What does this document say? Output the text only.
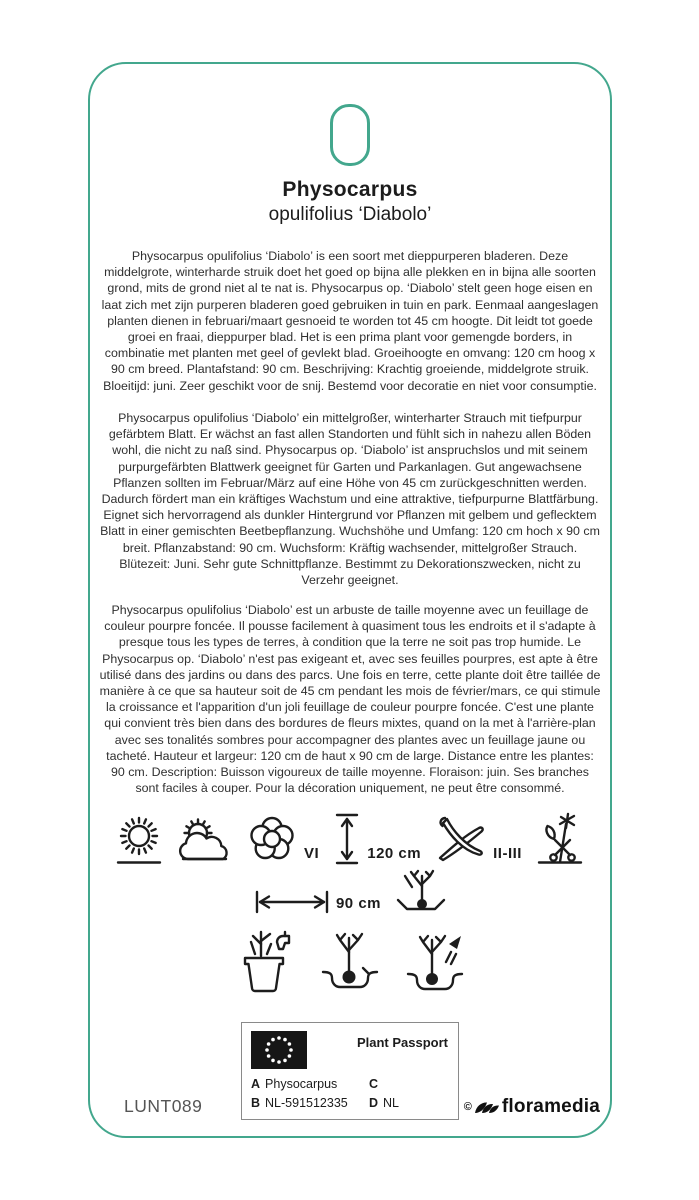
Physocarpus
opulifolius ‘Diabolo’
Physocarpus opulifolius ‘Diabolo’ is een soort met dieppurperen bladeren. Deze middelgrote, winterharde struik doet het goed op bijna alle plekken en in bijna alle soorten grond, mits de grond niet al te nat is. Physocarpus op. ‘Diabolo’ stelt geen hoge eisen en laat zich met zijn purperen bladeren goed gebruiken in tuin en park. Eenmaal aangeslagen planten dienen in februari/maart gesnoeid te worden tot 45 cm hoogte. Dit leidt tot goede groei en fraai, dieppurper blad. Het is een prima plant voor gemengde borders, in combinatie met planten met geel of gevlekt blad. Groeihoogte en omvang: 120 cm hoog x 90 cm breed. Plantafstand: 90 cm. Beschrijving: Krachtig groeiende, middelgrote struik. Bloeitijd: juni. Zeer geschikt voor de snij. Bestemd voor decoratie en niet voor consumptie.
Physocarpus opulifolius ‘Diabolo’ ein mittelgroßer, winterharter Strauch mit tiefpurpur gefärbtem Blatt. Er wächst an fast allen Standorten und fühlt sich in nahezu allen Böden wohl, die nicht zu naß sind. Physocarpus op. ‘Diabolo’ ist anspruchslos und mit seinem purpurgefärbten Blattwerk geeignet für Garten und Parkanlagen. Gut angewachsene Pflanzen sollten im Februar/März auf eine Höhe von 45 cm zurückgeschnitten werden. Dadurch fördert man ein kräftiges Wachstum und eine attraktive, tiefpurpurne Blattfärbung. Eignet sich hervorragend als dunkler Hintergrund vor Pflanzen mit gelbem und geflecktem Blatt in einer gemischten Beetbepflanzung. Wuchshöhe und Umfang: 120 cm hoch x 90 cm breit. Pflanzabstand: 90 cm. Wuchsform: Kräftig wachsender, mittelgroßer Strauch. Blütezeit: Juni. Sehr gute Schnittpflanze. Bestimmt zu Dekorationszwecken, nicht zu Verzehr geeignet.
Physocarpus opulifolius ‘Diabolo’ est un arbuste de taille moyenne avec un feuillage de couleur pourpre foncée. Il pousse facilement à quasiment tous les endroits et il s'adapte à presque tous les types de terres, à condition que la terre ne soit pas trop humide. Le Physocarpus op. ‘Diabolo’ n'est pas exigeant et, avec ses feuilles pourpres, est apte à être utilisé dans des jardins ou dans des parcs. Une fois en terre, cette plante doit être taillée de manière à ce que sa hauteur soit de 45 cm pendant les mois de février/mars, ce qui stimule la croissance et l'apparition d'un joli feuillage de couleur pourpre foncée. C'est une plante qui convient très bien dans des bordures de fleurs mixtes, quand on la met à l'arrière-plan avec ses tonalités sombres pour accompagner des plantes avec un feuillage jaune ou tacheté. Hauteur et largeur: 120 cm de haut x 90 cm de large. Distance entre les plantes: 90 cm. Description: Buisson vigoureux de taille moyenne. Floraison: juin. Ses branches sont faciles à couper. Pour la décoration uniquement, ne peut être consommé.
VI	120 cm	II-III
90 cm
Plant Passport
A Physocarpus	C
B NL-591512335 D NL
LUNT089	© floramedia
